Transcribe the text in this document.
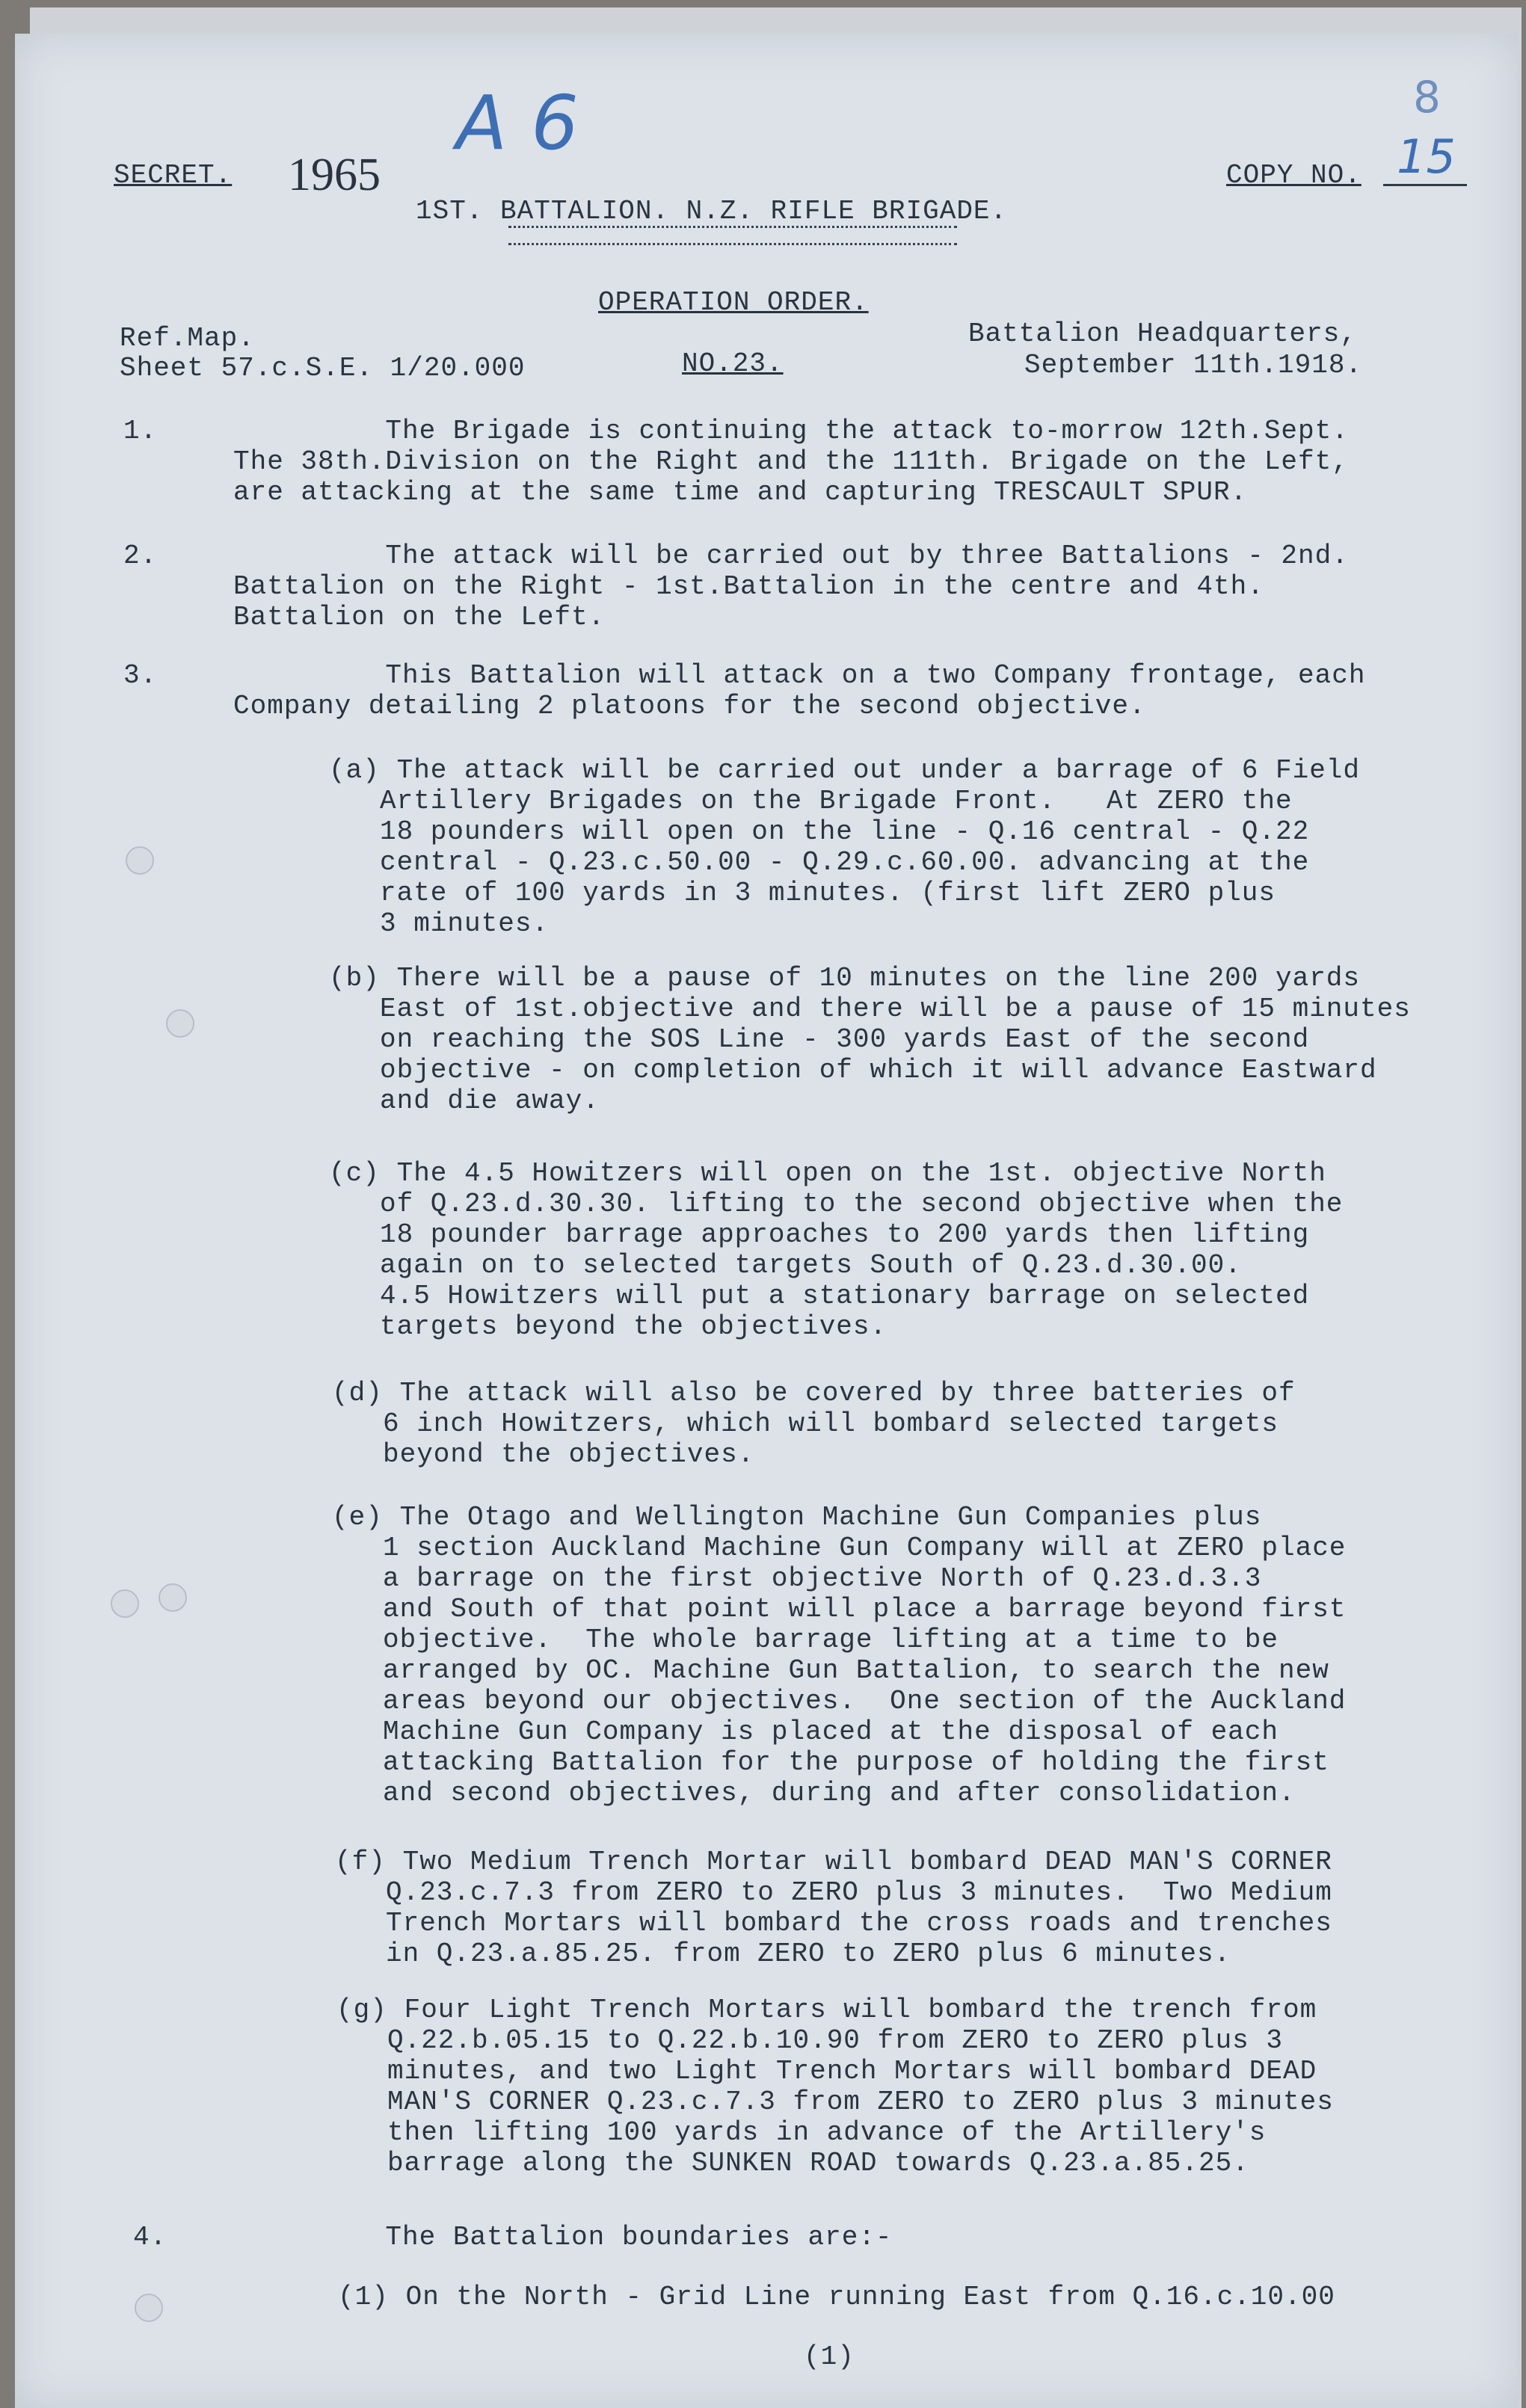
A 6	8
SECRET. 1965
1ST. BATTALION. N.Z. RIFLE BRIGADE.
COPY NO. 15
OPERATION ORDER.
Ref.Map.
Sheet 57.c.S.E. 1/20.000	NO.23.
Battalion Headquarters,
September 11th.1918.
1.	The Brigade is continuing the attack to-morrow 12th.Sept.
The 38th.Division on the Right and the 111th. Brigade on the Left,
are attacking at the same time and capturing TRESCAULT SPUR.
2.	The attack will be carried out by three Battalions - 2nd.
Battalion on the Right - 1st.Battalion in the centre and 4th.
Battalion on the Left.
3.	This Battalion will attack on a two Company frontage, each
Company detailing 2 platoons for the second objective.
4. The Battalion boundaries are:-
(a) The attack will be carried out under a barrage of 6 Field
Artillery Brigades on the Brigade Front.   At ZERO the
18 pounders will open on the line - Q.16 central - Q.22
central - Q.23.c.50.00 - Q.29.c.60.00. advancing at the
rate of 100 yards in 3 minutes. (first lift ZERO plus
3 minutes.
(b) There will be a pause of 10 minutes on the line 200 yards
East of 1st.objective and there will be a pause of 15 minutes
on reaching the SOS Line - 300 yards East of the second
objective - on completion of which it will advance Eastward
and die away.
(c) The 4.5 Howitzers will open on the 1st. objective North
of Q.23.d.30.30. lifting to the second objective when the
18 pounder barrage approaches to 200 yards then lifting
again on to selected targets South of Q.23.d.30.00.
4.5 Howitzers will put a stationary barrage on selected
targets beyond the objectives.
(d) The attack will also be covered by three batteries of
6 inch Howitzers, which will bombard selected targets
beyond the objectives.
(e) The Otago and Wellington Machine Gun Companies plus
1 section Auckland Machine Gun Company will at ZERO place
a barrage on the first objective North of Q.23.d.3.3
and South of that point will place a barrage beyond first
objective.  The whole barrage lifting at a time to be
arranged by OC. Machine Gun Battalion, to search the new
areas beyond our objectives.  One section of the Auckland
Machine Gun Company is placed at the disposal of each
attacking Battalion for the purpose of holding the first
and second objectives, during and after consolidation.
(f) Two Medium Trench Mortar will bombard DEAD MAN'S CORNER
Q.23.c.7.3 from ZERO to ZERO plus 3 minutes.  Two Medium
Trench Mortars will bombard the cross roads and trenches
in Q.23.a.85.25. from ZERO to ZERO plus 6 minutes.
(g) Four Light Trench Mortars will bombard the trench from
Q.22.b.05.15 to Q.22.b.10.90 from ZERO to ZERO plus 3
minutes, and two Light Trench Mortars will bombard DEAD
MAN'S CORNER Q.23.c.7.3 from ZERO to ZERO plus 3 minutes
then lifting 100 yards in advance of the Artillery's
barrage along the SUNKEN ROAD towards Q.23.a.85.25.
(1) On the North - Grid Line running East from Q.16.c.10.00
(1)
